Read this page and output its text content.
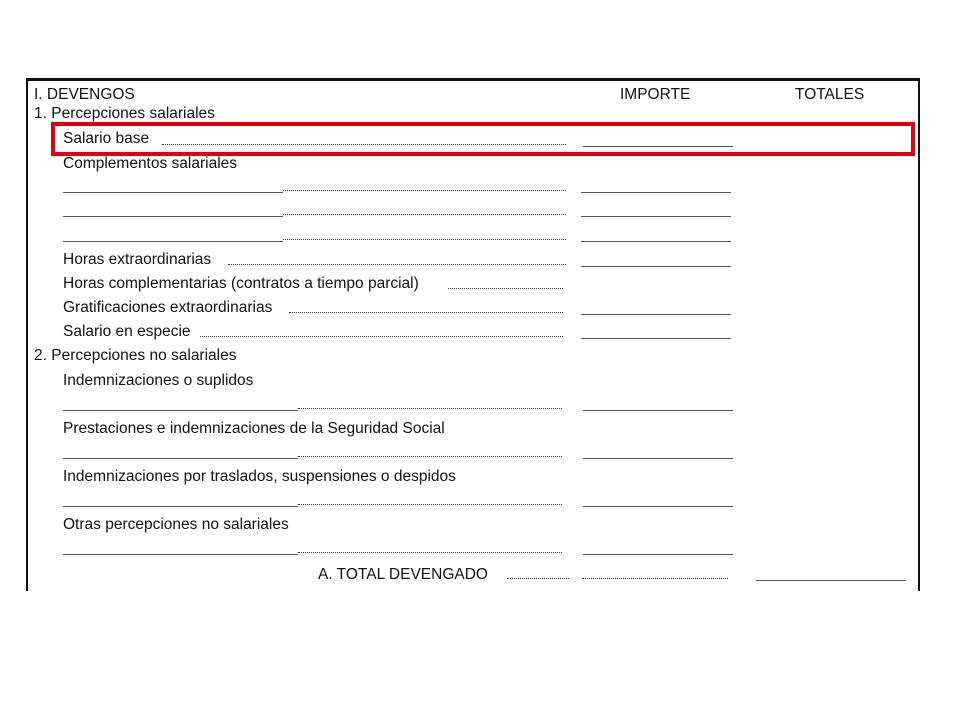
I. DEVENGOS	IMPORTE	TOTALES
1. Percepciones salariales
Salario base
Complementos salariales
Horas extraordinarias
Horas complementarias (contratos a tiempo parcial)
Gratificaciones extraordinarias
Salario en especie
2. Percepciones no salariales
Indemnizaciones o suplidos
Prestaciones e indemnizaciones de la Seguridad Social
Indemnizaciones por traslados, suspensiones o despidos
Otras percepciones no salariales
A. TOTAL DEVENGADO
